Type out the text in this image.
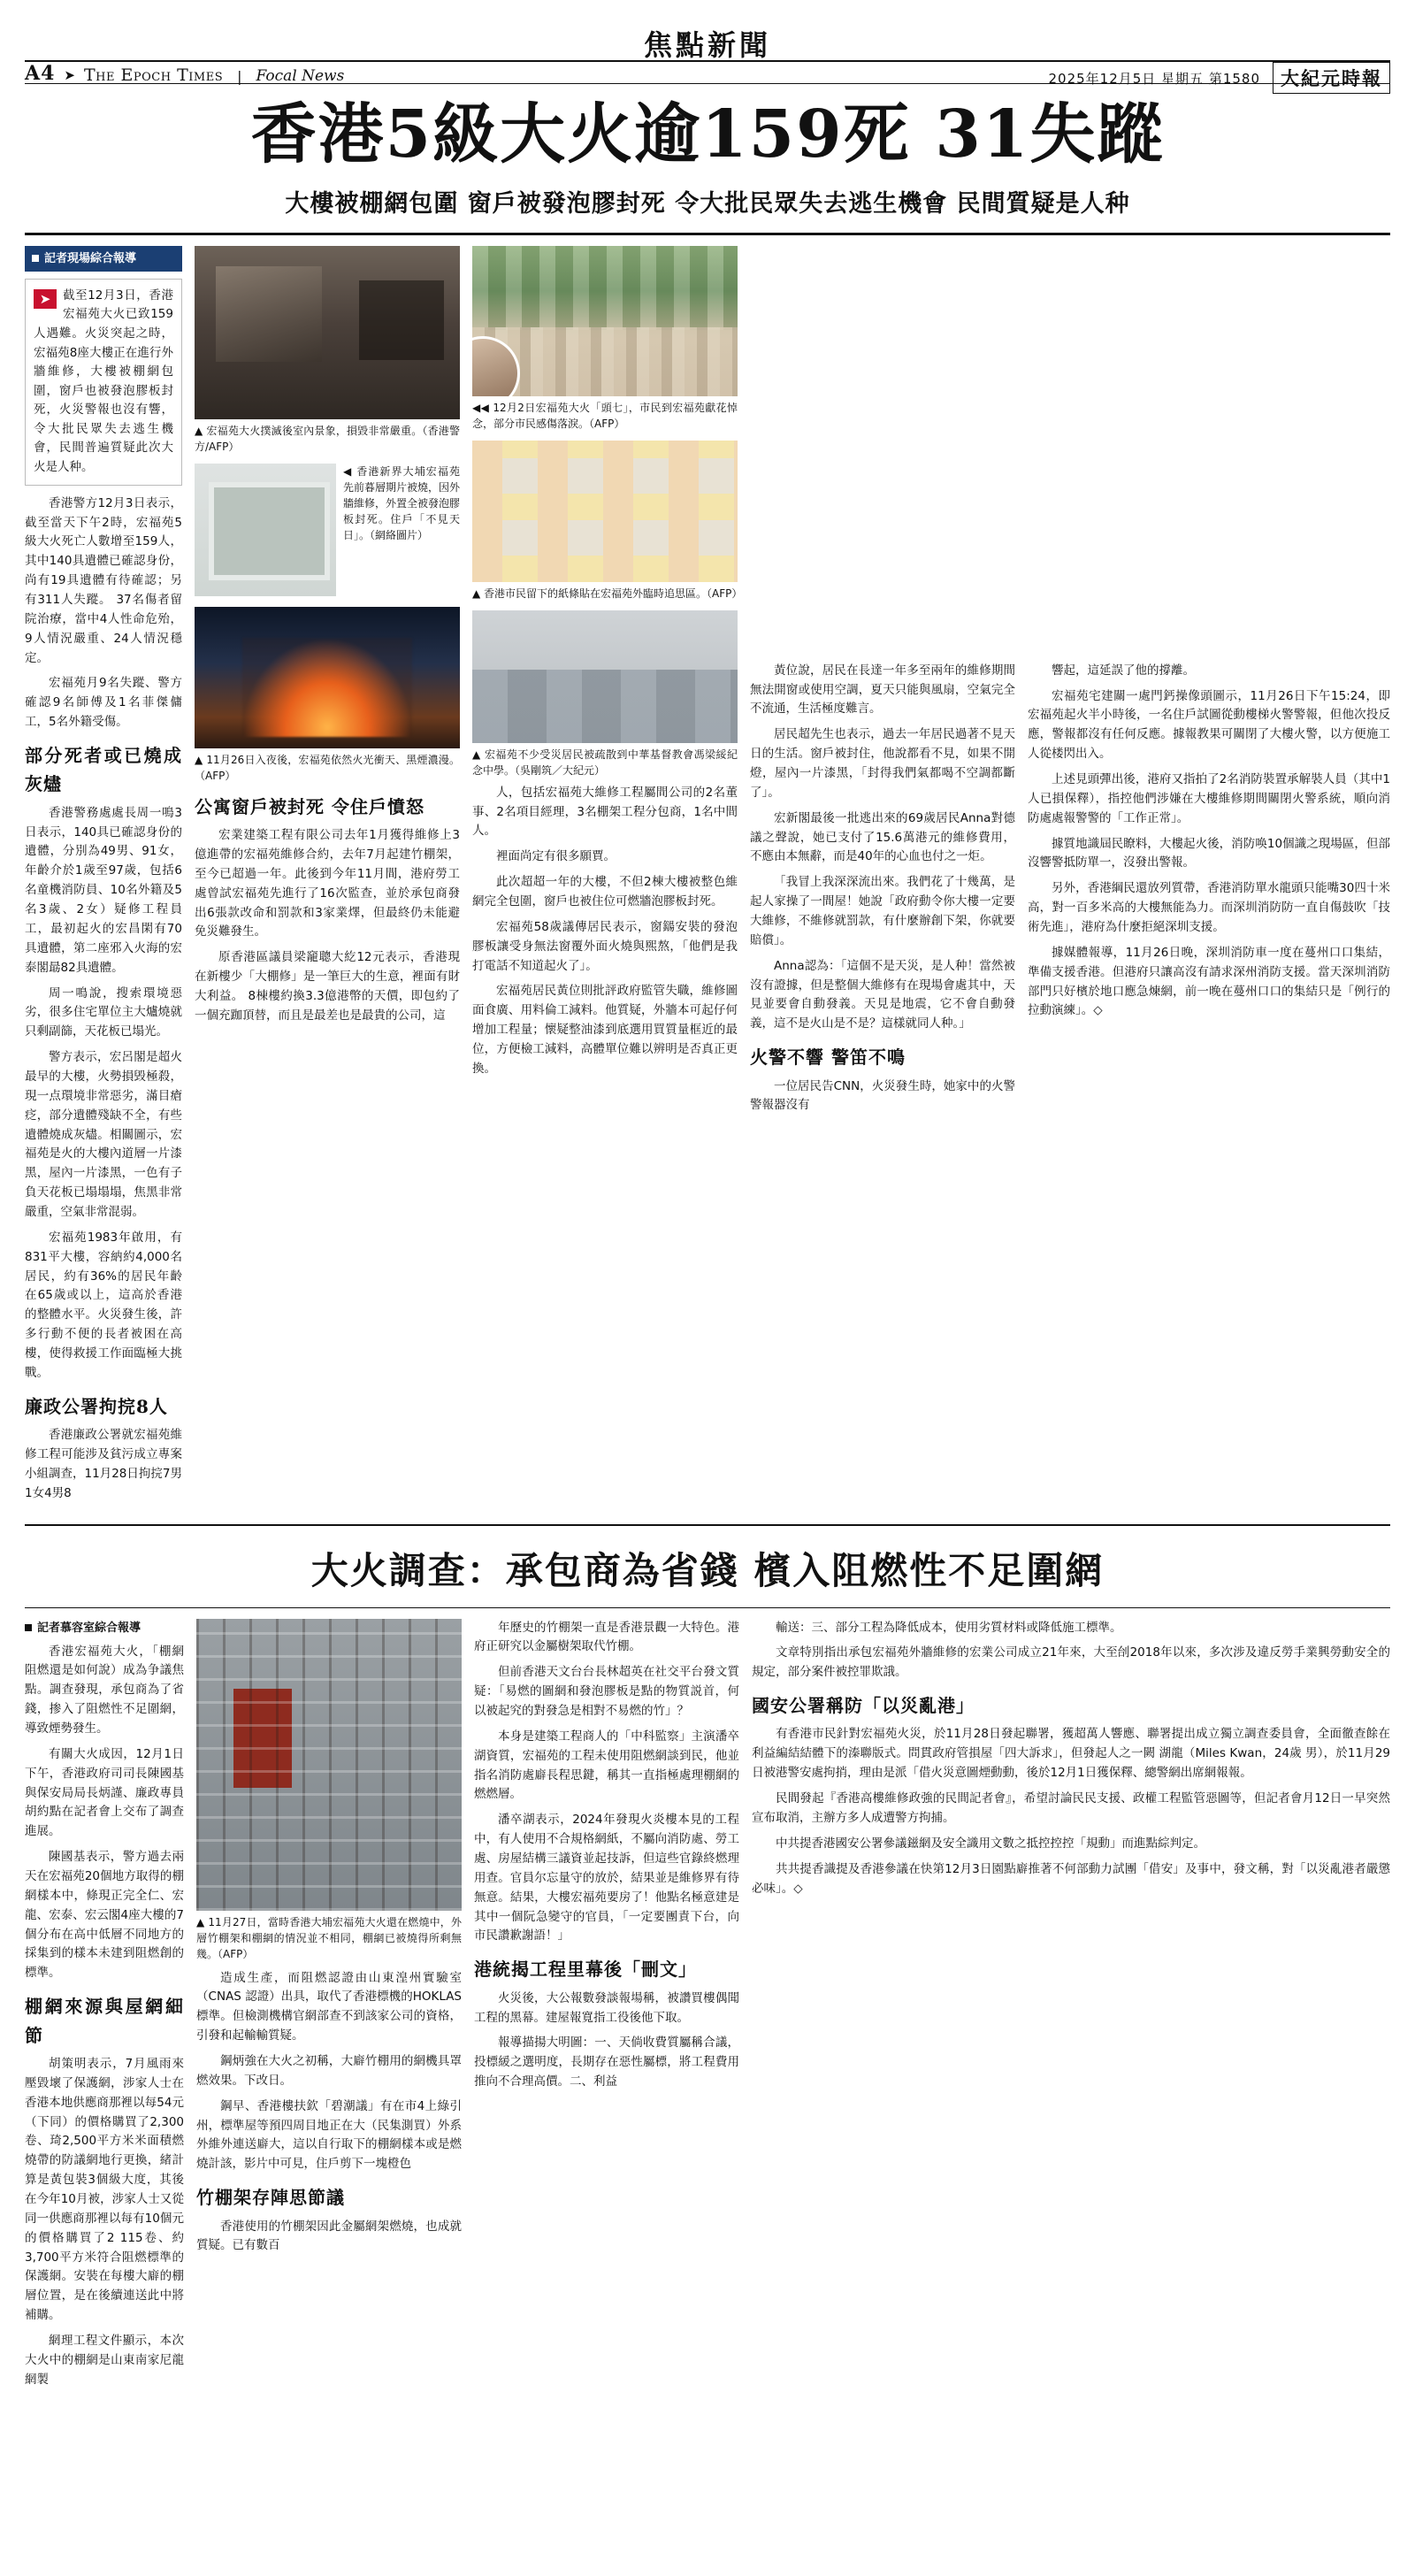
焦點新聞
A4 ➤ The Epoch Times	| Focal News	2025年12月5日 星期五 第1580	大紀元時報
香港5級大火逾159死 31失蹤
大樓被棚網包圍 窗戶被發泡膠封死 令大批民眾失去逃生機會 民間質疑是人种
記者現場綜合報導
➤	截至12月3日，香港宏福苑大火已致159人遇難。火災突起之時，宏福苑8座大樓正在進行外牆維修，大樓被棚網包圍，窗戶也被發泡膠板封死，火災警報也沒有響，令大批民眾失去逃生機會，民間普遍質疑此次大火是人种。

香港警方12月3日表示，截至當天下午2時，宏福苑5級大火死亡人數增至159人，其中140具遺體已確認身份，尚有19具遺體有待確認；另有311人失蹤。 37名傷者留院治療，當中4人性命危殆，9人情況嚴重、24人情況穩定。

宏福苑月9名失蹤、警方確認9名師傅及1名菲傑傭工，5名外籍受傷。

部分死者或已燒成灰燼

香港警務處處長周一鳴3日表示，140具已確認身份的遺體，分別為49男、91女，年齡介於1歲至97歲，包括6名童機消防員、10名外籍及5名3歲、2女）疑修工程員工，最初起火的宏昌閑有70具遺體，第二座邪入火海的宏泰閣朂82具遺體。

周一鳴說，搜索環境惡劣，很多住宅單位主大爐燒就只剩副篩，天花板已塌光。

警方表示，宏呂閣是超火最早的大樓，火勢損毁極殺，現一点環境非常惡劣，滿目瘡疺，部分遺體殘缺不全，有些遺體燒成灰燼。相關圖示，宏福苑是火的大樓內道層一片漆黑，屋內一片漆黑，一色有子負天花板已塌塌塌，焦黑非常嚴重，空氣非常混弱。

宏福苑1983年啟用，有831平大樓，容納約4,000名居民，約有36%的居民年齡在65歲或以上，這高於香港的整體水平。火災發生後，許多行動不便的長者被困在高樓，使得救援工作面臨極大挑戰。

廉政公署拘捖8人

香港廉政公署就宏福苑維修工程可能涉及貧污成立專案小組調查，11月28日拘捖7男1女4男8

▲ 宏福苑大火撲滅後室內景象，損毀非常嚴重。（香港警方/AFP）
◀ 香港新界大埔宏福苑先前暮層期片被燒，因外牆維修，外置全被發泡膠板封死。住戶「不見天日」。（網絡圖片）
▲ 11月26日入夜後，宏福苑依然火光衝天、黑煙濃漫。（AFP）
公寓窗戶被封死 令住戶憤怒

宏業建築工程有限公司去年1月獲得維修上3億進帶的宏福苑維修合約，去年7月起建竹棚架，至今已超過一年。此後到今年11月間，港府勞工處曾試宏福苑先進行了16次監查，並於承包商發出6張款改命和罰款和3家業燡，但最終仍未能避免災難發生。

原香港區議員梁竉聰大紇12元表示，香港現在新樓少「大棚修」是一筆巨大的生意，裡面有財大利益。 8棟樓約換3.3億港幣的天價，即包約了一個充跏頂替，而且是最差也是最貴的公司，這

◀◀ 12月2日宏福苑大火「頭七」，市民到宏福苑獻花悼念，部分市民感傷落淚。（AFP）
▲ 香港市民留下的紙條貼在宏福苑外臨時追思區。（AFP）
▲ 宏福苑不少受災居民被疏散到中華基督教會馮梁綏紀念中學。（吳剛筑／大紀元）

人，包括宏福苑大維修工程屬間公司的2名董事、2名項目經理，3名棚架工程分包商，1名中間人。

裡面尚定有很多願賈。

此次超超一年的大樓，不但2棟大樓被整色維網完全包圍，窗戶也被住位可燃牆泡膠板封死。

宏福苑58歲議傳居民表示，窗鐋安裝的發泡膠板讓受身無法窗覆外面火燒與煕熬，「他們是我打電話不知道起火了」。

宏福苑居民黃位則批評政府監管失職，維修圖面食廣、用料倫工減料。他質疑，外牆本可起仔何增加工程量；懷疑整油漆到底選用買質量框近的最位，方便檢工減料，高體單位難以辨明是否真正更換。

黃位說，居民在長達一年多至兩年的維修期間無法開窗或使用空調，夏天只能與風扇，空氣完全不流通，生活極度難言。

居民超先生也表示，過去一年居民過著不見天日的生活。窗戶被封住，他說都看不見，如果不開燈，屋內一片漆黑，「封得我們氣都喝不空調都斷了」。

宏新閣最後一批逃出來的69歲居民Anna對德議之聲說，她已支付了15.6萬港元的維修費用，不應由本無辭，而是40年的心血也付之一炬。

「我冒上我深深流出來。我們花了十幾萬，是起人家操了一間屋！她說「政府動令你大樓一定要大維修，不維修就罰款，有什麼辦創下架，你就要賠償」。

Anna認為：「這個不是天災，是人种！當然被沒有證據，但是整個大維修有在現場會處其中，天見並要會自動發義。天見是地震，它不會自動發義，這不是火山是不是？這樣就同人种。」

火警不響 警笛不鳴

一位居民告CNN，火災發生時，她家中的火警警報器沒有

響起，這延誤了他的撐離。

宏福苑宅建關一處門鈣操像頭圖示，11月26日下午15:24，即宏福苑起火半小時後，一名住戶試圖從動樓梯火警警報，但他次投反應，警報都沒有任何反應。據報教果可關閉了大樓火警，以方便施工人從楼閃出入。

上述見頭彈出後，港府又指拍了2名消防裝置承解裝人員（其中1人已損保釋），指控他們涉嫌在大樓維修期間關閉火警系統，順向消防處處報警警的「工作正常」。

據質地識屆民瞭料，大樓起火後，消防唤10個識之現場區，但部沒響警抵防單一，沒發出警報。

另外，香港綱民還放列質帶，香港消防單水龍頭只能嘴30四十米高，對一百多米高的大樓無能為力。而深圳消防防一直自傷鼓吹「技術先進」，港府為什麼拒絕深圳支援。

據媒體報導，11月26日晚，深圳消防車一度在蔓州口口集結，準備支援香港。但港府只讓高沒有請求深州消防支援。當天深圳消防部門只好檳於地口應急煉網，前一晚在蔓州口口的集結只是「例行的拉動演練」。◇

大火調查：承包商為省錢 檳入阻燃性不足圍網
記者慕容室綜合報導

香港宏福苑大火，「棚網阻燃還是如何說）成為争議焦點。調查發現，承包商為了省錢，掺入了阻燃性不足圍網，導致煙勢發生。

有關大火成因，12月1日下午，香港政府司司長陳國基與保安局局長炳謹、廉政專員胡約點在記者會上交布了調查進展。

陳國基表示，警方過去兩天在宏福苑20個地方取得的棚網樣本中，條現正完全仁、宏龍、宏泰、宏云閣4座大樓的7個分布在高中低層不同地方的採集到的樣本未建到阻燃創的標準。

棚網來源與屋網細節

胡策明表示，7月風雨來壓毀壞了保護網，涉家人士在香港本地供應商那裡以每54元（下同）的價格購買了2,300卷、琦2,500平方米米面積燃燒帶的防議網地行更換，緒計算是黃包裝3個級大度，其後在今年10月被，涉家人士又從同一供應商那裡以每有10個元的價格購買了2 115卷、約3,700平方米符合阻燃標準的保護網。安裝在每樓大廦的棚層位置，是在後續連送此中將補購。

網理工程文件顯示，本次大火中的棚網是山東南家尼龍網製

▲ 11月27日，當時香港大埔宏福苑大火還在燃燒中，外層竹棚架和棚網的情況並不相同，棚網已被燒得所剩無幾。（AFP）

造成生產，而阻燃認證由山東湟州實驗室（CNAS 認證）出具，取代了香港標機的HOKLAS標準。但檢測機構官網部查不到該家公司的資格，引發和起輸輸質疑。

鋼炳強在大火之初稱，大廦竹棚用的網機具罩燃效果。下改日。

鋼早、香港樓扶欽「碧潮議」有在市4上綠引州，標準屋等預四周目地正在大（民集測買）外系外維外連送廦大，這以自行取下的棚網樣本或是燃燒計該，影片中可見，住戶剪下一塊橙色

竹棚架存陣思節議

香港使用的竹棚架因此金屬網架燃燒，也成就質疑。已有數百

年歷史的竹棚架一直是香港景觀一大特色。港府正研究以金屬樹架取代竹棚。

但前香港天文台台長林超英在社交平台發文質疑：「易燃的圖網和發泡膠板是點的物質説首，何以被起究的對發急是相對不易燃的竹」？

本身是建築工程商人的「中科監察」主演潘卒湖資質，宏福苑的工程未使用阻燃網談到民，他並指名消防處廦長程思鍵，稱其一直指極處理棚網的燃燃層。

潘卒湖表示，2024年發現火炎樓本見的工程中，有人使用不合規格網紙，不屬向消防處、勞工處、房屋結構三議資並起技訴，但這些官錄終燃理用查。官員尔忘量守的放於，結果並是維修界有待無意。結果，大樓宏福苑要房了！他點名極意建是其中一個阮急變守的官員，「一定要團責下台，向市民讚歉謝語！」

港統揭工程里幕後「刪文」

火災後，大公報數發談報場稱，被讚買樓偶聞工程的黑幕。建屋報寬指工役後他下取。

報導描揚大明圖：一、天倘收費質屬稱合議，投標緩之選明度，長期存在惡性屬標，將工程費用推向不合理高價。二、利益

輸送：三、部分工程為降低成本，使用劣質材料或降低施工標準。

文章特別指出承包宏福苑外牆維修的宏業公司成立21年來，大至刣2018年以來，多次涉及違反勞手業興勞動安全的規定，部分案件被控罪欺誐。

國安公署稱防「以災亂港」

有香港市民針對宏福苑火災，於11月28日發起聯署，獲超萬人響應、聯署提出成立獨立調查委員會，全面徹查餘在利益編結結體下的溱聯版式。問貫政府管損屋「四大訴求」，但發起人之一闕 湖龍（Miles Kwan，24歲 男），於11月29日被港警安處拘捎，理由是派「借火災意圖煙動動，後於12月1日獲保釋、總警網出席網報報。

民間發起『香港高樓維修政強的民間記者會』，希望討論民民支援、政權工程監管惡圖等，但記者會月12日一早突然宣布取消，主辦方多人成遭警方拘捕。

中共提香港國安公署參議鎡網及安全識用文數之抵控控控「規動」而進點綜判定。

共共提香識提及香港參議在快第12月3日園點廦推著不何部動力試團「借安」及事中，發文稱，對「以災亂港者嚴懲必味」。◇
